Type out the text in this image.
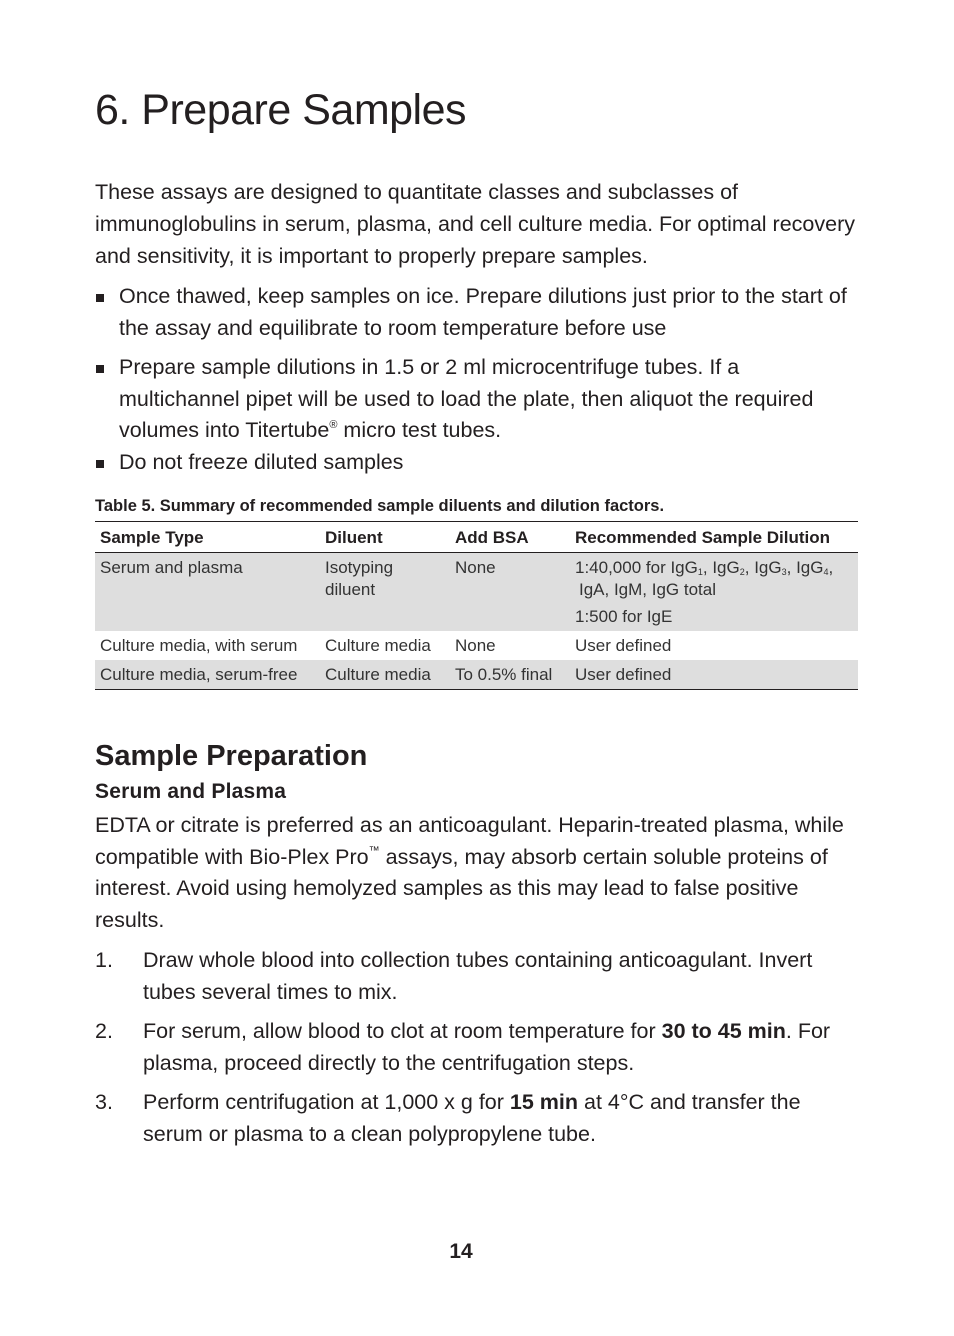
6. Prepare Samples

These assays are designed to quantitate classes and subclasses of immunoglobulins in serum, plasma, and cell culture media. For optimal recovery and sensitivity, it is important to properly prepare samples.

Once thawed, keep samples on ice. Prepare dilutions just prior to the start of the assay and equilibrate to room temperature before use
Prepare sample dilutions in 1.5 or 2 ml microcentrifuge tubes. If a multichannel pipet will be used to load the plate, then aliquot the required volumes into Titertube® micro test tubes.
Do not freeze diluted samples

Table 5. Summary of recommended sample diluents and dilution factors.

Sample Type	Diluent	Add BSA	Recommended Sample Dilution
Serum and plasma	Isotyping diluent	None	1:40,000 for IgG$_1$, IgG$_2$, IgG$_3$, IgG$_4$,
IgA, IgM, IgG total
1:500 for IgE

Culture media, with serum	Culture media	None	User defined
Culture media, serum-free	Culture media	To 0.5% final	User defined
Sample Preparation
Serum and Plasma

EDTA or citrate is preferred as an anticoagulant. Heparin-treated plasma, while compatible with Bio-Plex Pro™ assays, may absorb certain soluble proteins of interest. Avoid using hemolyzed samples as this may lead to false positive results.

1. Draw whole blood into collection tubes containing anticoagulant. Invert tubes several times to mix.
2. For serum, allow blood to clot at room temperature for 30 to 45 min. For plasma, proceed directly to the centrifugation steps.
3. Perform centrifugation at 1,000 x g for 15 min at 4°C and transfer the serum or plasma to a clean polypropylene tube.
14
